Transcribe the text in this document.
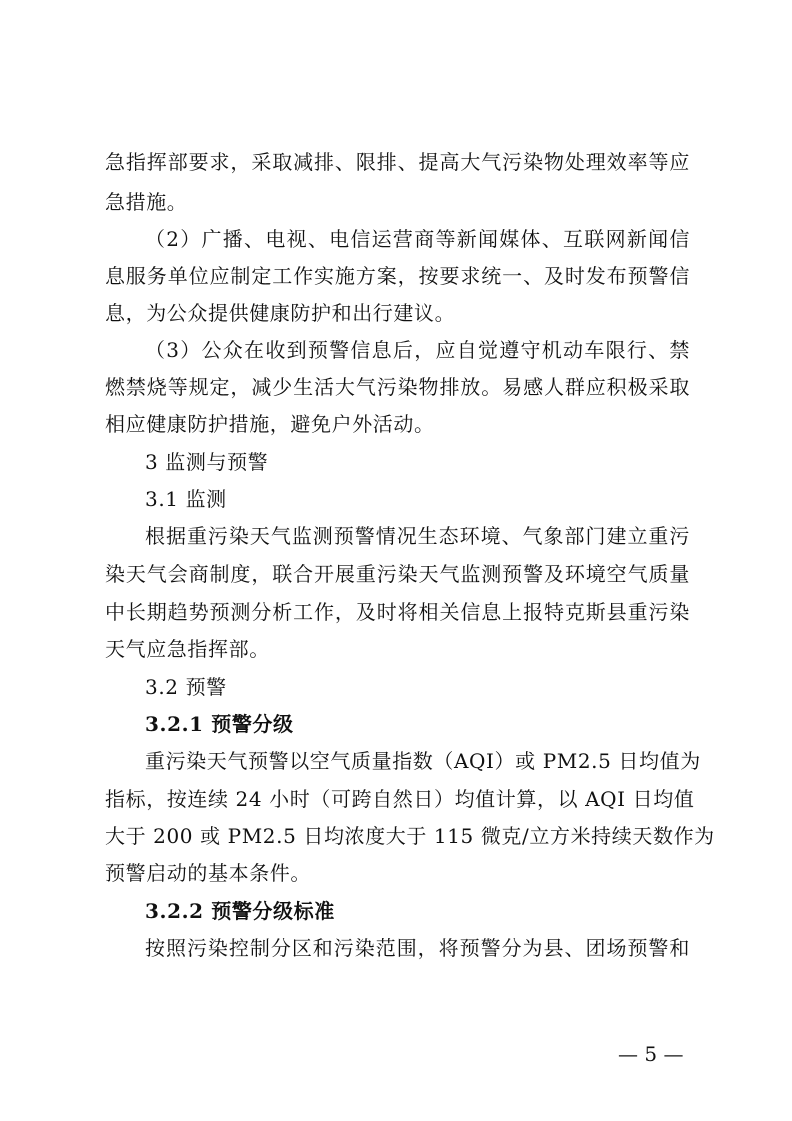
急指挥部要求，采取减排、限排、提高大气污染物处理效率等应
急措施。
（2）广播、电视、电信运营商等新闻媒体、互联网新闻信
息服务单位应制定工作实施方案，按要求统一、及时发布预警信
息，为公众提供健康防护和出行建议。
（3）公众在收到预警信息后，应自觉遵守机动车限行、禁
燃禁烧等规定，减少生活大气污染物排放。易感人群应积极采取
相应健康防护措施，避免户外活动。
3 监测与预警
3.1 监测
根据重污染天气监测预警情况生态环境、气象部门建立重污
染天气会商制度，联合开展重污染天气监测预警及环境空气质量
中长期趋势预测分析工作，及时将相关信息上报特克斯县重污染
天气应急指挥部。
3.2 预警
3.2.1 预警分级
重污染天气预警以空气质量指数（AQI）或 PM2.5 日均值为
指标，按连续 24 小时（可跨自然日）均值计算，以 AQI 日均值
大于 200 或 PM2.5 日均浓度大于 115 微克/立方米持续天数作为
预警启动的基本条件。
3.2.2 预警分级标准
按照污染控制分区和污染范围，将预警分为县、团场预警和
— 5 —
